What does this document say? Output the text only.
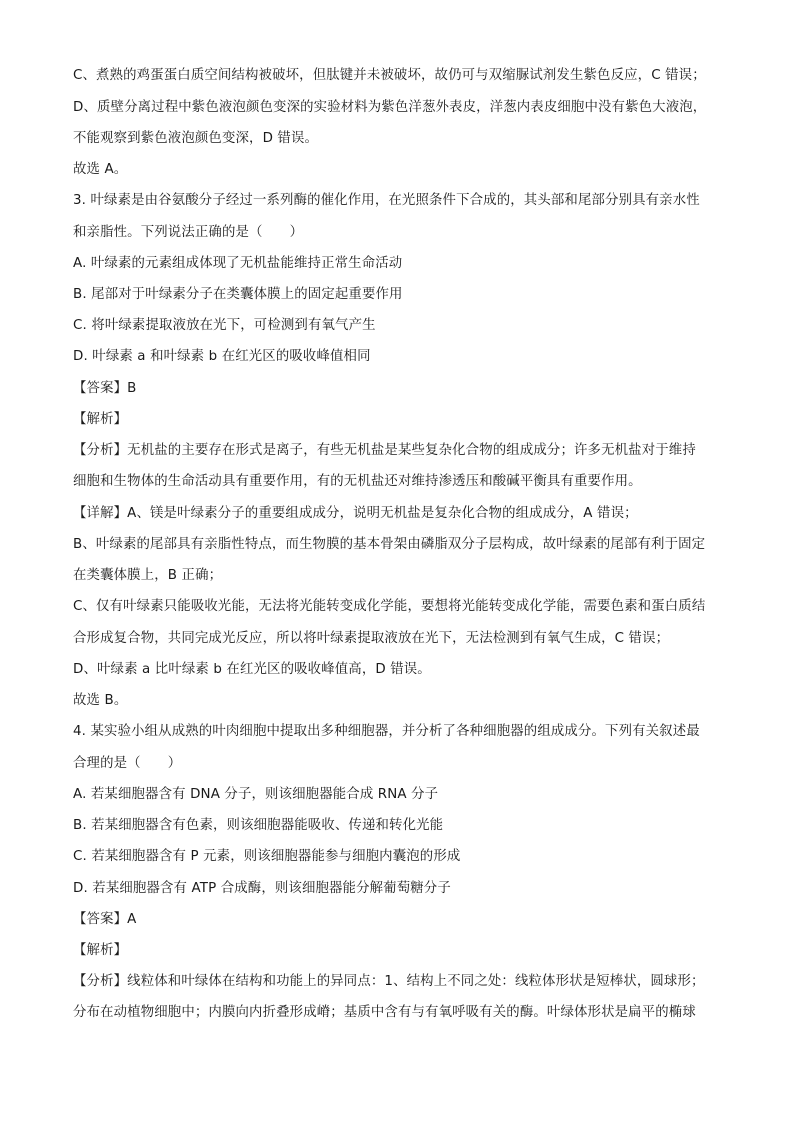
C、煮熟的鸡蛋蛋白质空间结构被破坏，但肽键并未被破坏，故仍可与双缩脲试剂发生紫色反应，C 错误；
D、质壁分离过程中紫色液泡颜色变深的实验材料为紫色洋葱外表皮，洋葱内表皮细胞中没有紫色大液泡，
不能观察到紫色液泡颜色变深，D 错误。
故选 A。
3. 叶绿素是由谷氨酸分子经过一系列酶的催化作用，在光照条件下合成的，其头部和尾部分别具有亲水性
和亲脂性。下列说法正确的是（　　）
A. 叶绿素的元素组成体现了无机盐能维持正常生命活动
B. 尾部对于叶绿素分子在类囊体膜上的固定起重要作用
C. 将叶绿素提取液放在光下，可检测到有氧气产生
D. 叶绿素 a 和叶绿素 b 在红光区的吸收峰值相同
【答案】B
【解析】
【分析】无机盐的主要存在形式是离子，有些无机盐是某些复杂化合物的组成成分；许多无机盐对于维持
细胞和生物体的生命活动具有重要作用，有的无机盐还对维持渗透压和酸碱平衡具有重要作用。
【详解】A、镁是叶绿素分子的重要组成成分，说明无机盐是复杂化合物的组成成分，A 错误；
B、叶绿素的尾部具有亲脂性特点，而生物膜的基本骨架由磷脂双分子层构成，故叶绿素的尾部有利于固定
在类囊体膜上，B 正确；
C、仅有叶绿素只能吸收光能，无法将光能转变成化学能，要想将光能转变成化学能，需要色素和蛋白质结
合形成复合物，共同完成光反应，所以将叶绿素提取液放在光下，无法检测到有氧气生成，C 错误；
D、叶绿素 a 比叶绿素 b 在红光区的吸收峰值高，D 错误。
故选 B。
4. 某实验小组从成熟的叶肉细胞中提取出多种细胞器，并分析了各种细胞器的组成成分。下列有关叙述最
合理的是（　　）
A. 若某细胞器含有 DNA 分子，则该细胞器能合成 RNA 分子
B. 若某细胞器含有色素，则该细胞器能吸收、传递和转化光能
C. 若某细胞器含有 P 元素，则该细胞器能参与细胞内囊泡的形成
D. 若某细胞器含有 ATP 合成酶，则该细胞器能分解葡萄糖分子
【答案】A
【解析】
【分析】线粒体和叶绿体在结构和功能上的异同点：1、结构上不同之处：线粒体形状是短棒状，圆球形；
分布在动植物细胞中；内膜向内折叠形成嵴；基质中含有与有氧呼吸有关的酶。叶绿体形状是扁平的椭球
